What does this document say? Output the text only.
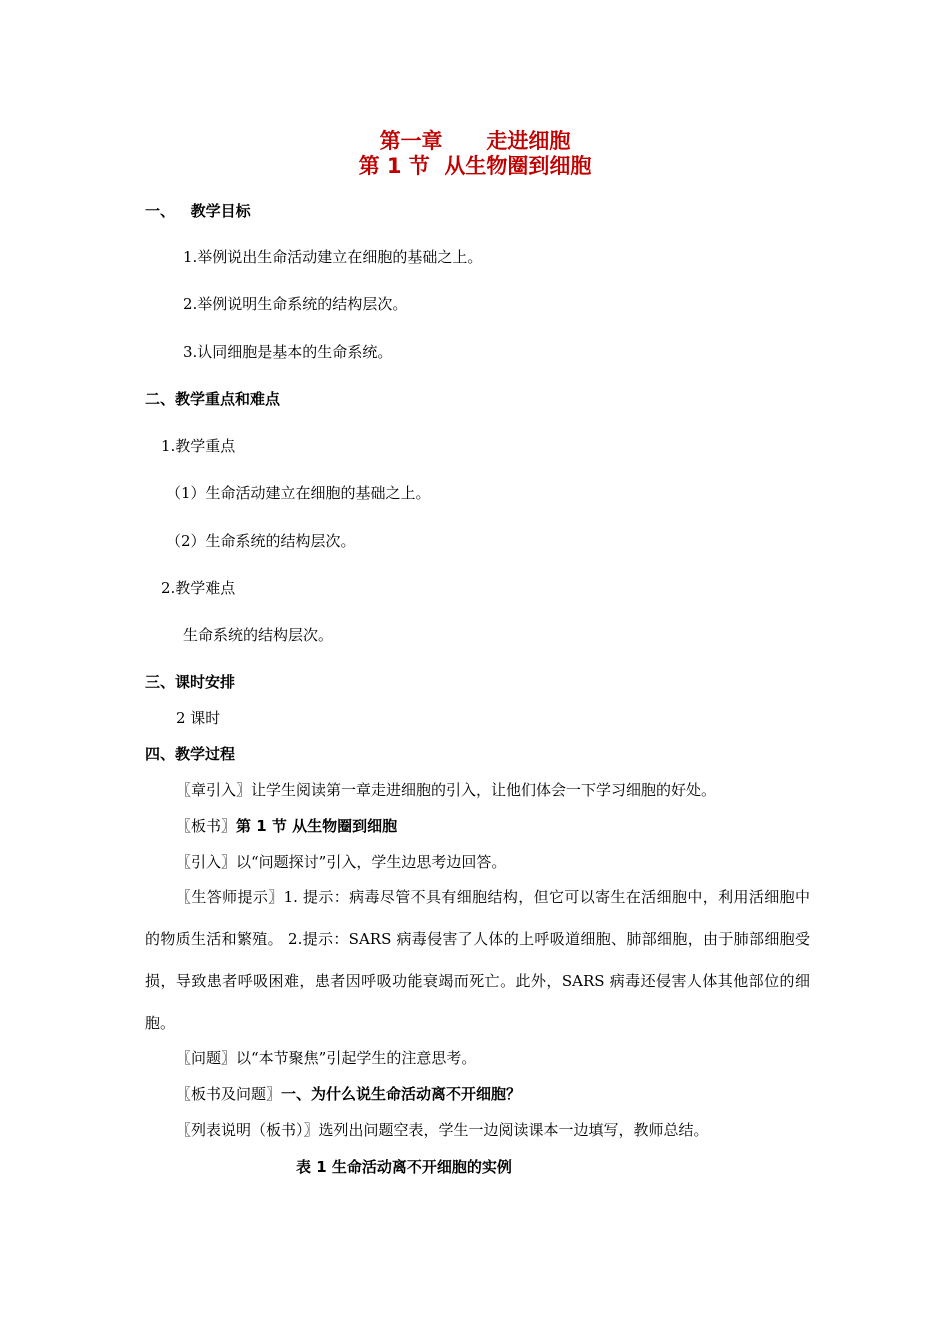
第一章      走进细胞
第 1 节  从生物圈到细胞
一、   教学目标
1.举例说出生命活动建立在细胞的基础之上。
2.举例说明生命系统的结构层次。
3.认同细胞是基本的生命系统。
二、教学重点和难点
1.教学重点
（1）生命活动建立在细胞的基础之上。
（2）生命系统的结构层次。
2.教学难点
生命系统的结构层次。
三、课时安排
2 课时
四、教学过程
〖章引入〗让学生阅读第一章走进细胞的引入，让他们体会一下学习细胞的好处。
〖板书〗第 1 节 从生物圈到细胞
〖引入〗以“问题探讨”引入，学生边思考边回答。
〖生答师提示〗1. 提示：病毒尽管不具有细胞结构，但它可以寄生在活细胞中，利用活细胞中的物质生活和繁殖。 2.提示：SARS 病毒侵害了人体的上呼吸道细胞、肺部细胞，由于肺部细胞受损，导致患者呼吸困难，患者因呼吸功能衰竭而死亡。此外，SARS 病毒还侵害人体其他部位的细胞。
〖问题〗以“本节聚焦”引起学生的注意思考。
〖板书及问题〗一、为什么说生命活动离不开细胞？
〖列表说明（板书）〗选列出问题空表，学生一边阅读课本一边填写，教师总结。
表 1 生命活动离不开细胞的实例
